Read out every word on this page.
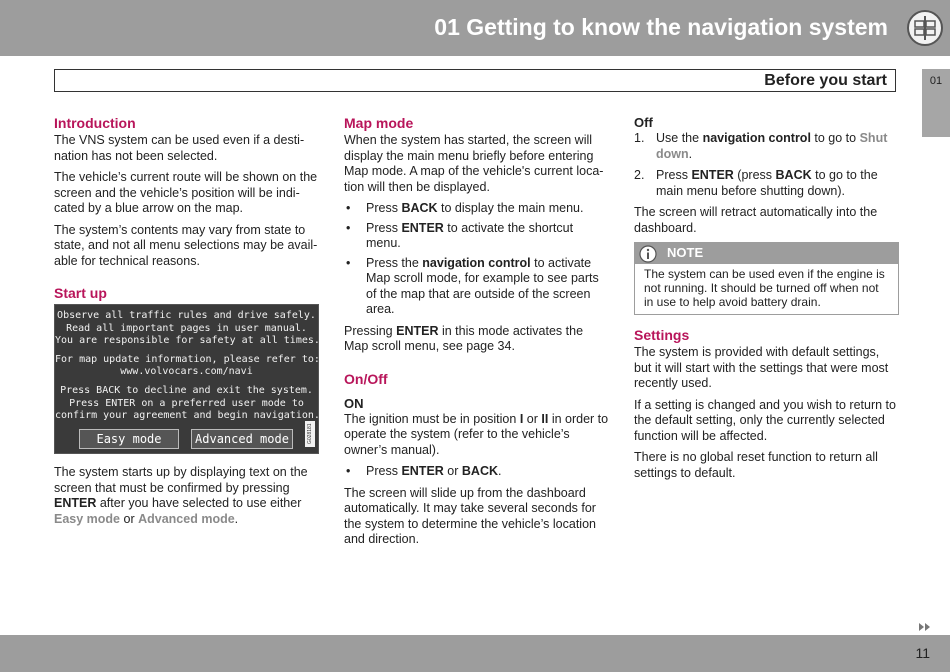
01 Getting to know the navigation system
Before you start	01
Introduction

The VNS system can be used even if a desti-nation has not been selected.

The vehicle’s current route will be shown on the screen and the vehicle’s position will be indi-cated by a blue arrow on the map.

The system’s contents may vary from state to state, and not all menu selections may be avail-able for technical reasons.

Start up
Observe all traffic rules and drive safely.
Read all important pages in user manual.
You are responsible for safety at all times.
For map update information, please refer to:
www.volvocars.com/navi
Press BACK to decline and exit the system.
Press ENTER on a preferred user mode to
confirm your agreement and begin navigation.
Easy mode	Advanced mode	G028181

The system starts up by displaying text on the screen that must be confirmed by pressing ENTER after you have selected to use either Easy mode or Advanced mode.

Map mode

When the system has started, the screen will display the main menu briefly before entering Map mode. A map of the vehicle's current loca-tion will then be displayed.

• Press BACK to display the main menu.
• Press ENTER to activate the shortcut menu.
• Press the navigation control to activate Map scroll mode, for example to see parts of the map that are outside of the screen area.

Pressing ENTER in this mode activates the Map scroll menu, see page 34.

On/Off
ON

The ignition must be in position I or II in order to operate the system (refer to the vehicle’s owner’s manual).

• Press ENTER or BACK.

The screen will slide up from the dashboard automatically. It may take several seconds for the system to determine the vehicle’s location and direction.

Off
1. Use the navigation control to go to Shut down.
2. Press ENTER (press BACK to go to the main menu before shutting down).

The screen will retract automatically into the dashboard.

NOTE
The system can be used even if the engine is not running. It should be turned off when not in use to help avoid battery drain.
Settings

The system is provided with default settings, but it will start with the settings that were most recently used.

If a setting is changed and you wish to return to the default setting, only the currently selected function will be affected.

There is no global reset function to return all settings to default.

11
